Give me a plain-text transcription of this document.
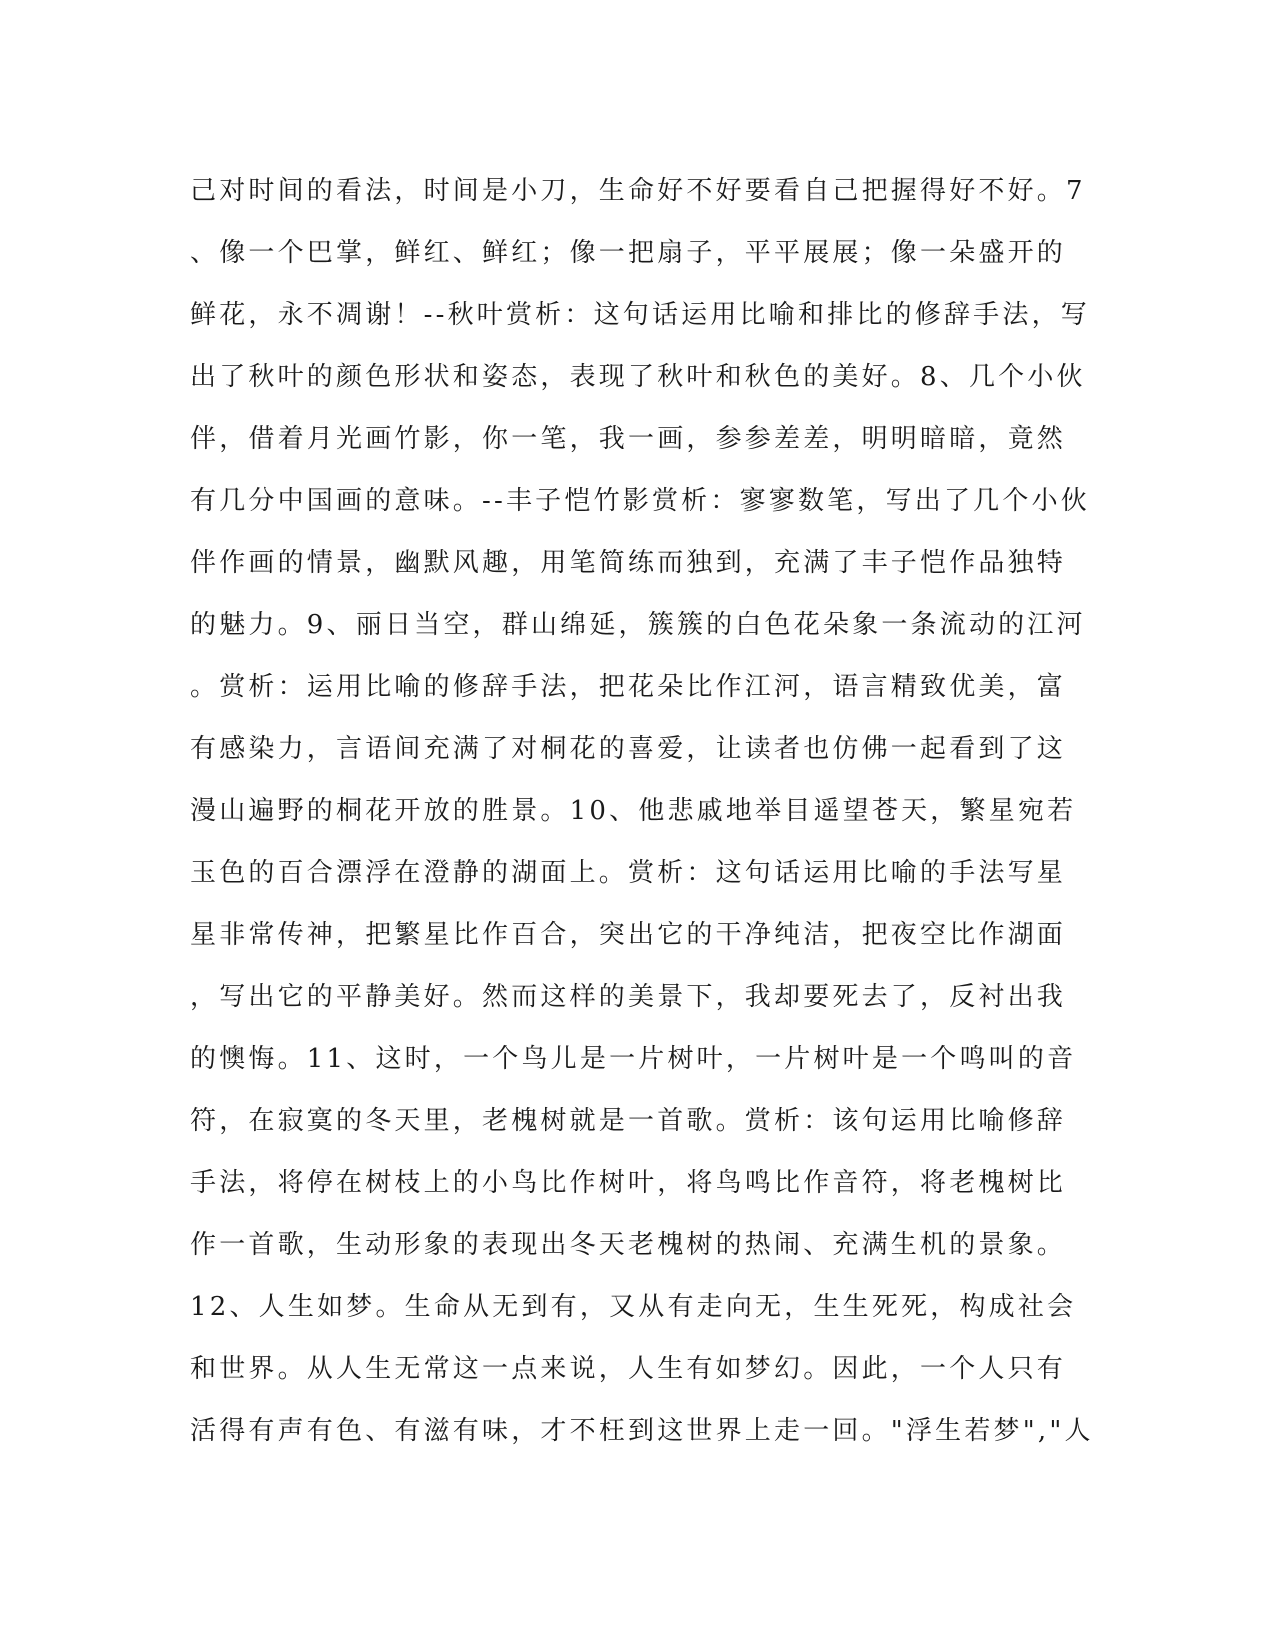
己对时间的看法，时间是小刀，生命好不好要看自己把握得好不好。7
、像一个巴掌，鲜红、鲜红；像一把扇子，平平展展；像一朵盛开的
鲜花，永不凋谢！--秋叶赏析：这句话运用比喻和排比的修辞手法，写
出了秋叶的颜色形状和姿态，表现了秋叶和秋色的美好。8、几个小伙
伴，借着月光画竹影，你一笔，我一画，参参差差，明明暗暗，竟然
有几分中国画的意味。--丰子恺竹影赏析：寥寥数笔，写出了几个小伙
伴作画的情景，幽默风趣，用笔简练而独到，充满了丰子恺作品独特
的魅力。9、丽日当空，群山绵延，簇簇的白色花朵象一条流动的江河
。赏析：运用比喻的修辞手法，把花朵比作江河，语言精致优美，富
有感染力，言语间充满了对桐花的喜爱，让读者也仿佛一起看到了这
漫山遍野的桐花开放的胜景。10、他悲戚地举目遥望苍天，繁星宛若
玉色的百合漂浮在澄静的湖面上。赏析：这句话运用比喻的手法写星
星非常传神，把繁星比作百合，突出它的干净纯洁，把夜空比作湖面
，写出它的平静美好。然而这样的美景下，我却要死去了，反衬出我
的懊悔。11、这时，一个鸟儿是一片树叶，一片树叶是一个鸣叫的音
符，在寂寞的冬天里，老槐树就是一首歌。赏析：该句运用比喻修辞
手法，将停在树枝上的小鸟比作树叶，将鸟鸣比作音符，将老槐树比
作一首歌，生动形象的表现出冬天老槐树的热闹、充满生机的景象。
12、人生如梦。生命从无到有，又从有走向无，生生死死，构成社会
和世界。从人生无常这一点来说，人生有如梦幻。因此，一个人只有
活得有声有色、有滋有味，才不枉到这世界上走一回。"浮生若梦","人
